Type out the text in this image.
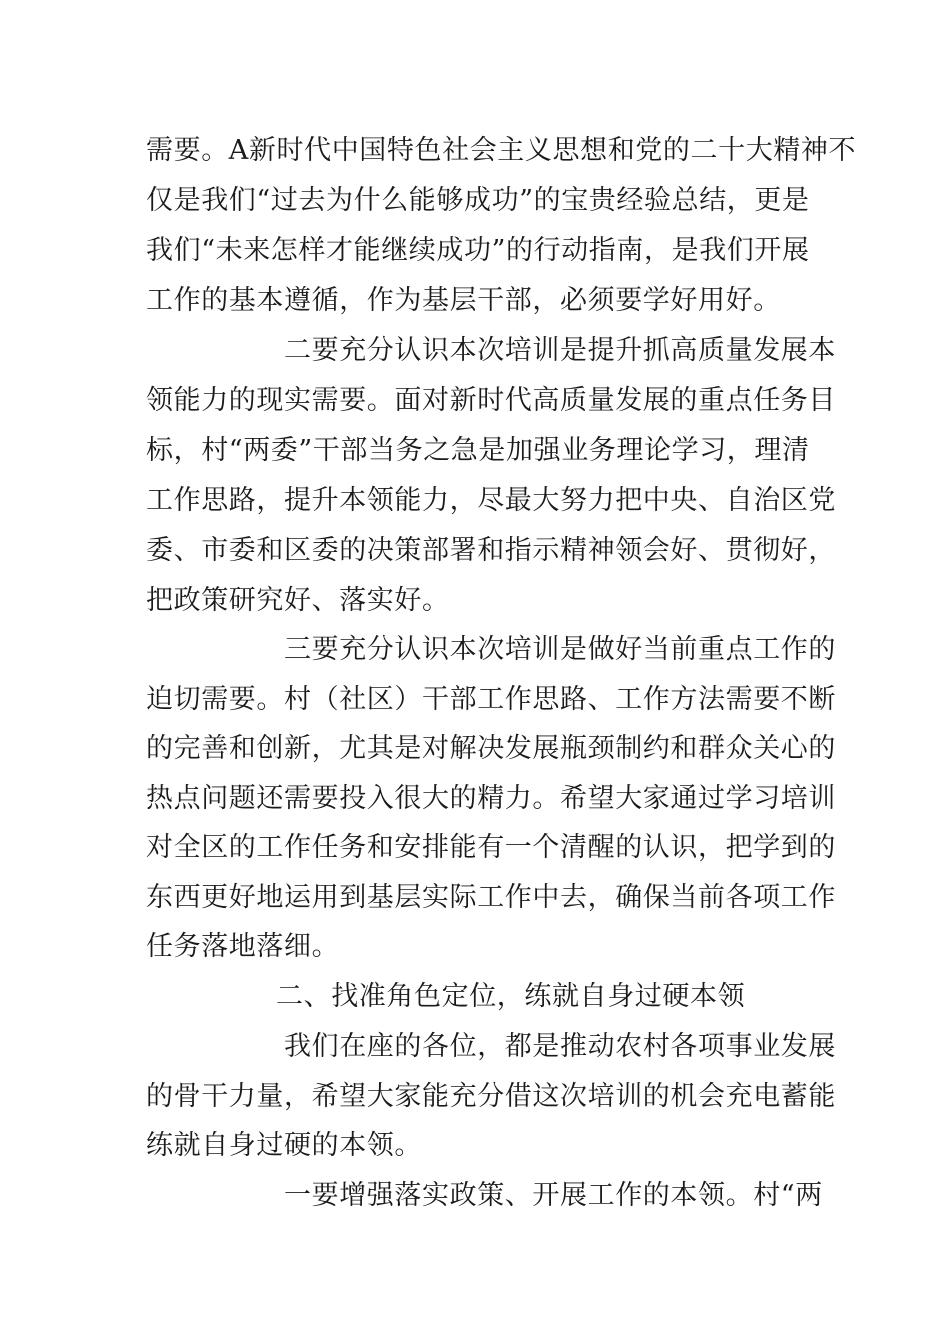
需要。A新时代中国特色社会主义思想和党的二十大精神不
仅是我们“过去为什么能够成功”的宝贵经验总结，更是
我们“未来怎样才能继续成功”的行动指南，是我们开展
工作的基本遵循，作为基层干部，必须要学好用好。
二要充分认识本次培训是提升抓高质量发展本
领能力的现实需要。面对新时代高质量发展的重点任务目
标，村“两委”干部当务之急是加强业务理论学习，理清
工作思路，提升本领能力，尽最大努力把中央、自治区党
委、市委和区委的决策部署和指示精神领会好、贯彻好，
把政策研究好、落实好。
三要充分认识本次培训是做好当前重点工作的
迫切需要。村（社区）干部工作思路、工作方法需要不断
的完善和创新，尤其是对解决发展瓶颈制约和群众关心的
热点问题还需要投入很大的精力。希望大家通过学习培训
对全区的工作任务和安排能有一个清醒的认识，把学到的
东西更好地运用到基层实际工作中去，确保当前各项工作
任务落地落细。
二、找准角色定位，练就自身过硬本领
我们在座的各位，都是推动农村各项事业发展
的骨干力量，希望大家能充分借这次培训的机会充电蓄能
练就自身过硬的本领。
一要增强落实政策、开展工作的本领。村“两
